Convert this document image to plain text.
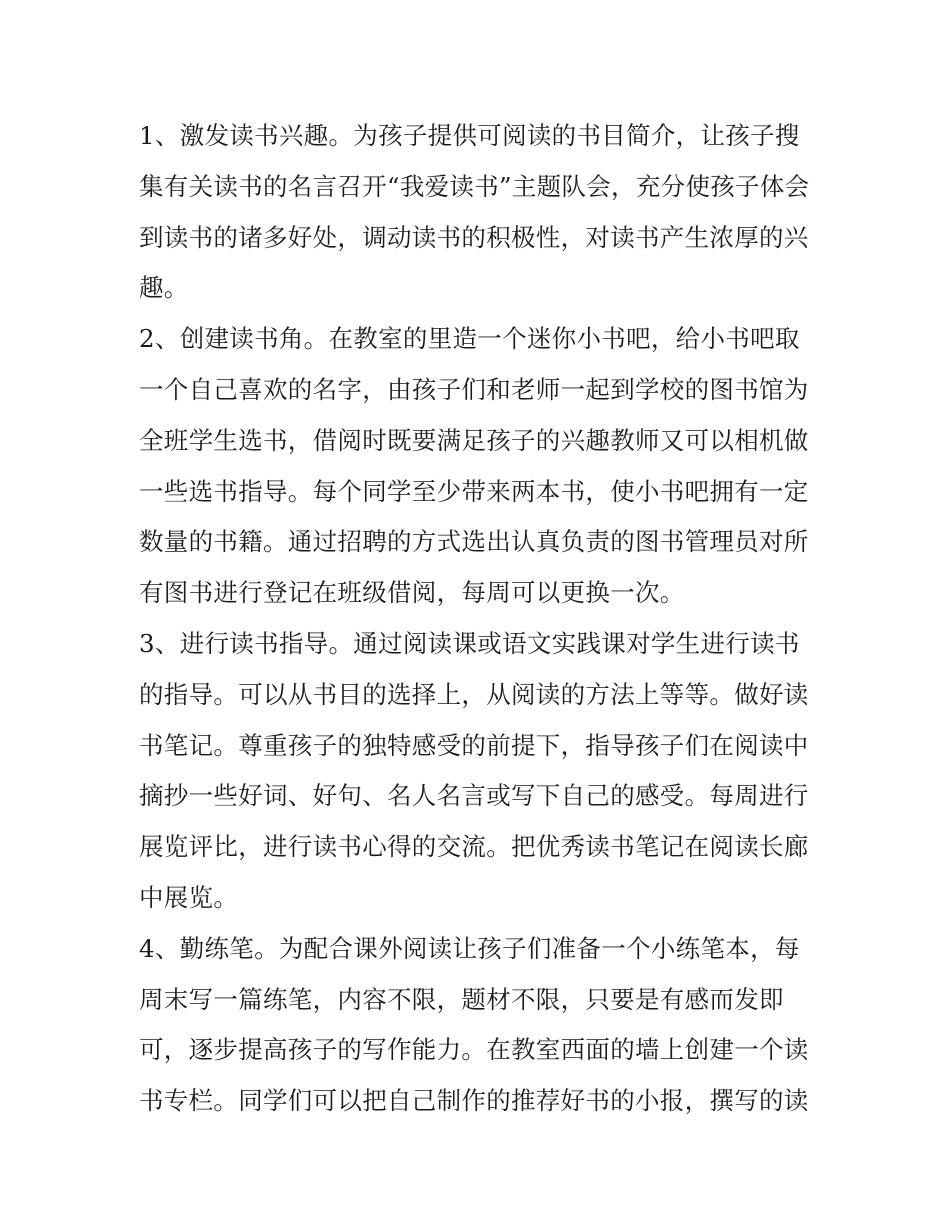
1、激发读书兴趣。为孩子提供可阅读的书目简介，让孩子搜
集有关读书的名言召开“我爱读书”主题队会，充分使孩子体会
到读书的诸多好处，调动读书的积极性，对读书产生浓厚的兴
趣。
2、创建读书角。在教室的里造一个迷你小书吧，给小书吧取
一个自己喜欢的名字，由孩子们和老师一起到学校的图书馆为
全班学生选书，借阅时既要满足孩子的兴趣教师又可以相机做
一些选书指导。每个同学至少带来两本书，使小书吧拥有一定
数量的书籍。通过招聘的方式选出认真负责的图书管理员对所
有图书进行登记在班级借阅，每周可以更换一次。
3、进行读书指导。通过阅读课或语文实践课对学生进行读书
的指导。可以从书目的选择上，从阅读的方法上等等。做好读
书笔记。尊重孩子的独特感受的前提下，指导孩子们在阅读中
摘抄一些好词、好句、名人名言或写下自己的感受。每周进行
展览评比，进行读书心得的交流。把优秀读书笔记在阅读长廊
中展览。
4、勤练笔。为配合课外阅读让孩子们准备一个小练笔本，每
周末写一篇练笔，内容不限，题材不限，只要是有感而发即
可，逐步提高孩子的写作能力。在教室西面的墙上创建一个读
书专栏。同学们可以把自己制作的推荐好书的小报，撰写的读
